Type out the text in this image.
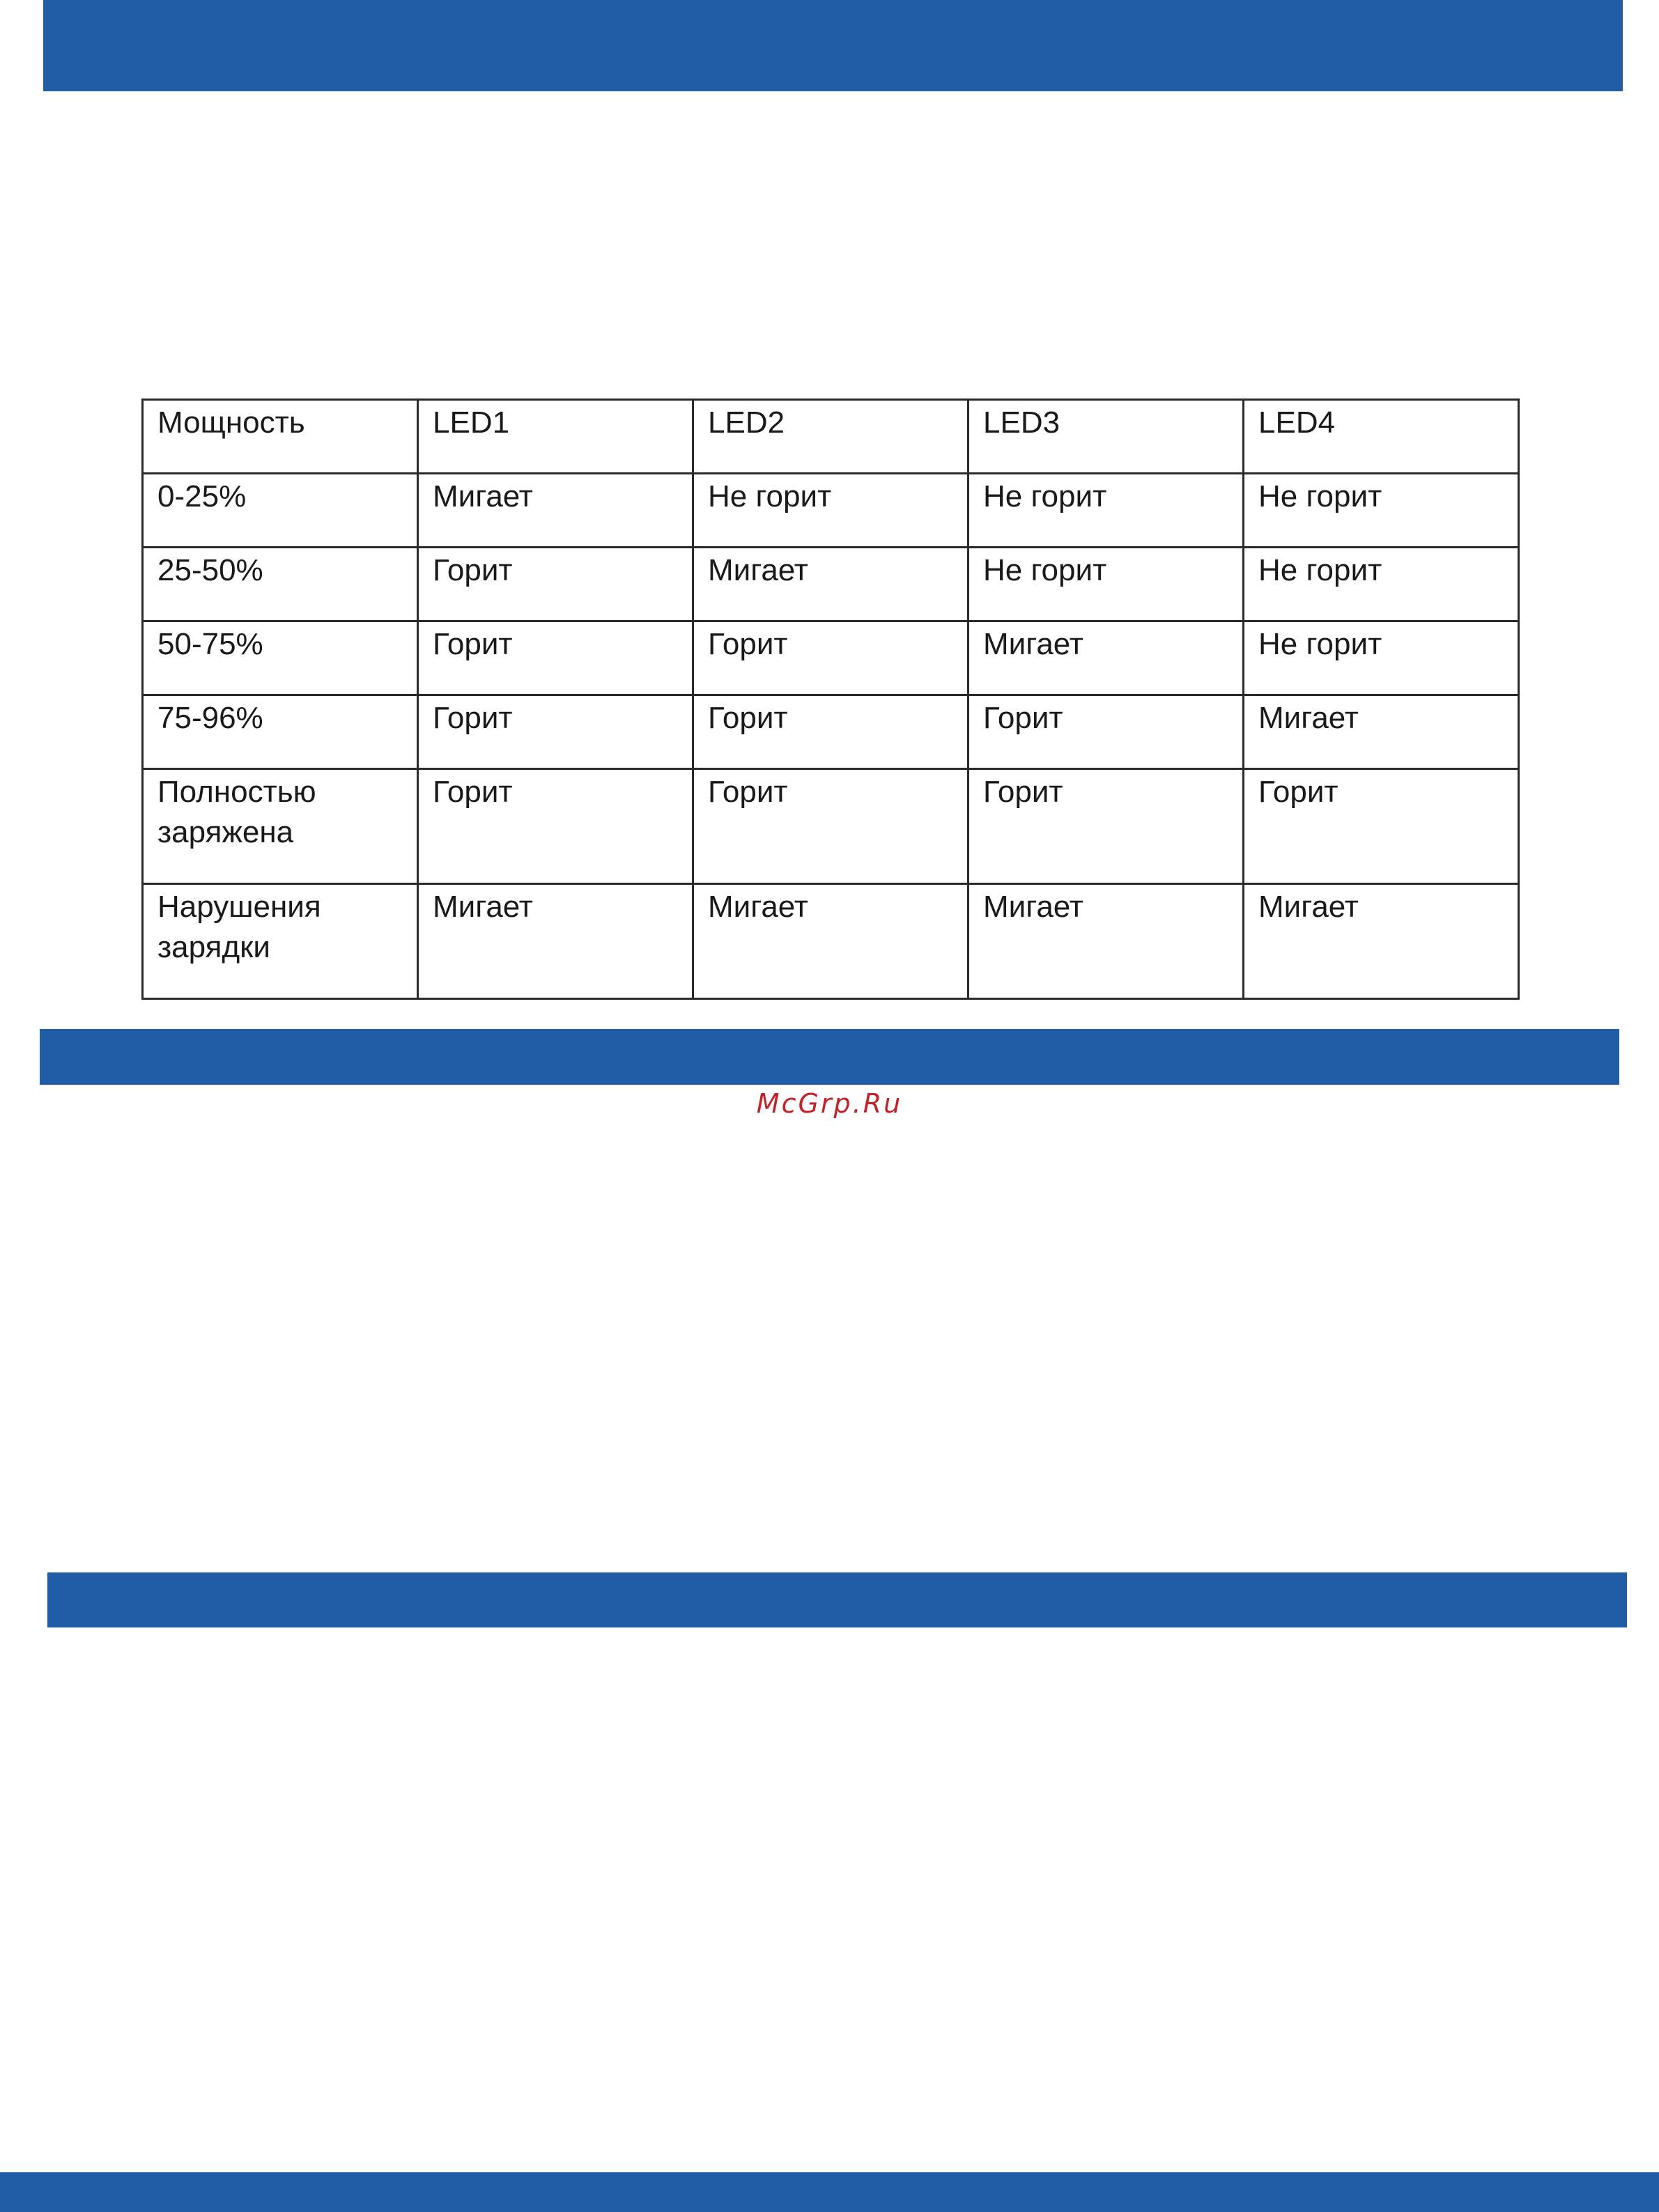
Мощность	LED1	LED2	LED3	LED4
0-25%	Мигает	Не горит	Не горит	Не горит
25-50%	Горит	Мигает	Не горит	Не горит
50-75%	Горит	Горит	Мигает	Не горит
75-96%	Горит	Горит	Горит	Мигает
Полностью заряжена	Горит	Горит	Горит	Горит
Нарушения зарядки	Мигает	Мигает	Мигает	Мигает
McGrp.Ru
